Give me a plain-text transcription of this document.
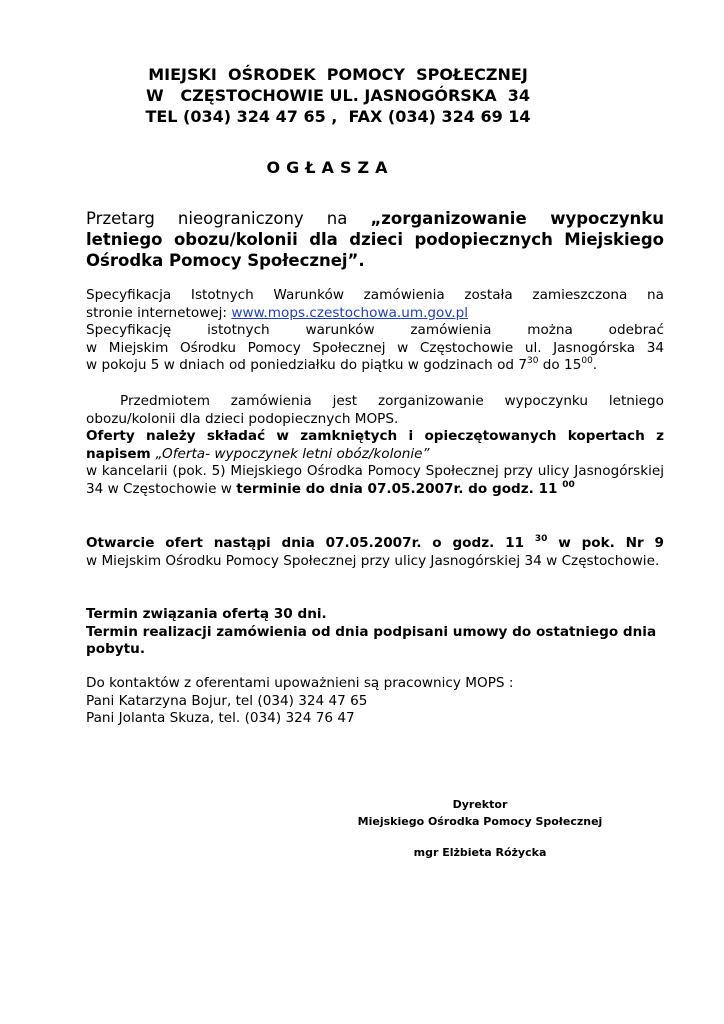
MIEJSKI  OŚRODEK  POMOCY  SPOŁECZNEJ
W   CZĘSTOCHOWIE UL. JASNOGÓRSKA  34
TEL (034) 324 47 65 ,  FAX (034) 324 69 14
OGŁASZA

Przetarg nieograniczony na „zorganizowanie wypoczynku letniego obozu/kolonii dla dzieci podopiecznych Miejskiego Ośrodka Pomocy Społecznej”.

Specyfikacja Istotnych Warunków zamówienia została zamieszczona na

stronie internetowej: www.mops.czestochowa.um.gov.pl

Specyfikację istotnych warunków zamówienia można odebrać

w Miejskim Ośrodku Pomocy Społecznej w Częstochowie ul. Jasnogórska 34

w pokoju 5 w dniach od poniedziałku do piątku w godzinach od $7^{30}$ do $15^{00}$.

Przedmiotem zamówienia jest zorganizowanie wypoczynku letniego obozu/kolonii dla dzieci podopiecznych MOPS.

Oferty należy składać w zamkniętych i opieczętowanych kopertach z napisem „Oferta- wypoczynek letni obóz/kolonie”

w kancelarii (pok. 5) Miejskiego Ośrodka Pomocy Społecznej przy ulicy Jasnogórskiej 34 w Częstochowie w terminie do dnia 07.05.2007r. do godz. 11 $^{00}$

Otwarcie ofert nastąpi dnia 07.05.2007r. o godz. 11 $^{30}$ w pok. Nr 9

w Miejskim Ośrodku Pomocy Społecznej przy ulicy Jasnogórskiej 34 w Częstochowie.

Termin związania ofertą 30 dni.

Termin realizacji zamówienia od dnia podpisani umowy do ostatniego dnia pobytu.

Do kontaktów z oferentami upoważnieni są pracownicy MOPS :

Pani Katarzyna Bojur, tel (034) 324 47 65

Pani Jolanta Skuza, tel. (034) 324 76 47

Dyrektor
Miejskiego Ośrodka Pomocy Społecznej
mgr Elżbieta Różycka
